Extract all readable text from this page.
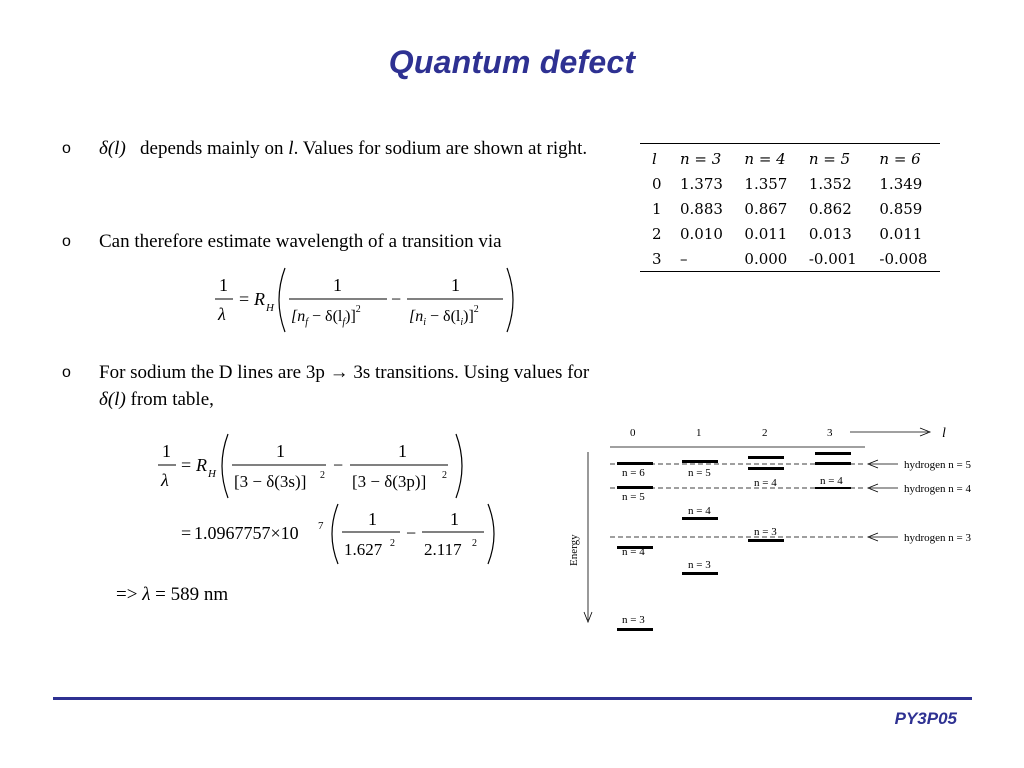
Quantum defect
o δ(l) depends mainly on l. Values for sodium are shown at right.
o Can therefore estimate wavelength of a transition via
1
λ
= R H
1
$[n_f - \delta(l_f)]^2$
−
1
$[n_i - \delta(l_i)]^2$
o For sodium the D lines are 3p → 3s transitions. Using values for δ(l) from table,
1
λ
= R H
1
[3 − δ(3s)] 2
−
1
[3 − δ(3p)] 2
= 1.0967757×10 7 1
1.627 2
−
1
2.117 2
=> λ = 589 nm
l	n = 3	n = 4	n = 5	n = 6
0	1.373	1.357	1.352	1.349
1	0.883	0.867	0.862	0.859
2	0.010	0.011	0.013	0.011
3	–	0.000	-0.001	-0.008
0	1	2	3	l
Energy
hydrogen n = 5
hydrogen n = 4
hydrogen n = 3
n = 6
n = 5
n = 4
n = 3
n = 5
n = 4
n = 3
n = 4
n = 3
n = 4
PY3P05
